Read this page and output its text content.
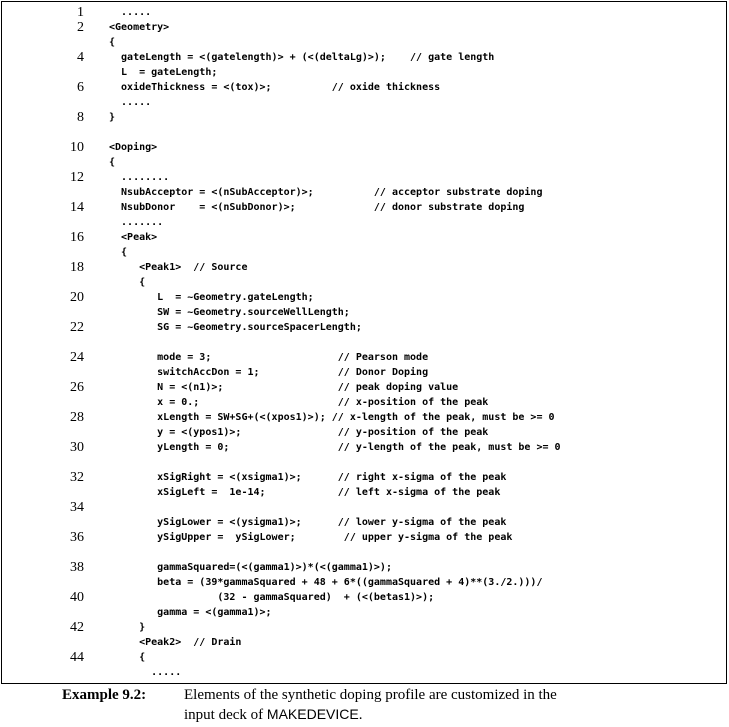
1	.....
2	<Geometry>
{
4	gateLength = <(gatelength)> + (<(deltaLg)>);    // gate length
L  = gateLength;
6	oxideThickness = <(tox)>;          // oxide thickness
.....
8	}
10	<Doping>
{
12	........
NsubAcceptor = <(nSubAcceptor)>;          // acceptor substrate doping
14	NsubDonor    = <(nSubDonor)>;             // donor substrate doping
.......
16	<Peak>
{
18	<Peak1>  // Source
{
20	L  = ~Geometry.gateLength;
SW = ~Geometry.sourceWellLength;
22	SG = ~Geometry.sourceSpacerLength;
24	mode = 3;                     // Pearson mode
switchAccDon = 1;             // Donor Doping
26	N = <(n1)>;                   // peak doping value
x = 0.;                       // x-position of the peak
28	xLength = SW+SG+(<(xpos1)>); // x-length of the peak, must be >= 0
y = <(ypos1)>;                // y-position of the peak
30	yLength = 0;                  // y-length of the peak, must be >= 0
32	xSigRight = <(xsigma1)>;      // right x-sigma of the peak
xSigLeft =  1e-14;            // left x-sigma of the peak
34
ySigLower = <(ysigma1)>;      // lower y-sigma of the peak
36	ySigUpper =  ySigLower;        // upper y-sigma of the peak
38	gammaSquared=(<(gamma1)>)*(<(gamma1)>);
beta = (39*gammaSquared + 48 + 6*((gammaSquared + 4)**(3./2.)))/
40	(32 - gammaSquared)  + (<(betas1)>);
gamma = <(gamma1)>;
42	}
<Peak2>  // Drain
44	{
.....
Example 9.2:	Elements of the synthetic doping profile are customized in the
input deck of MAKEDEVICE.
